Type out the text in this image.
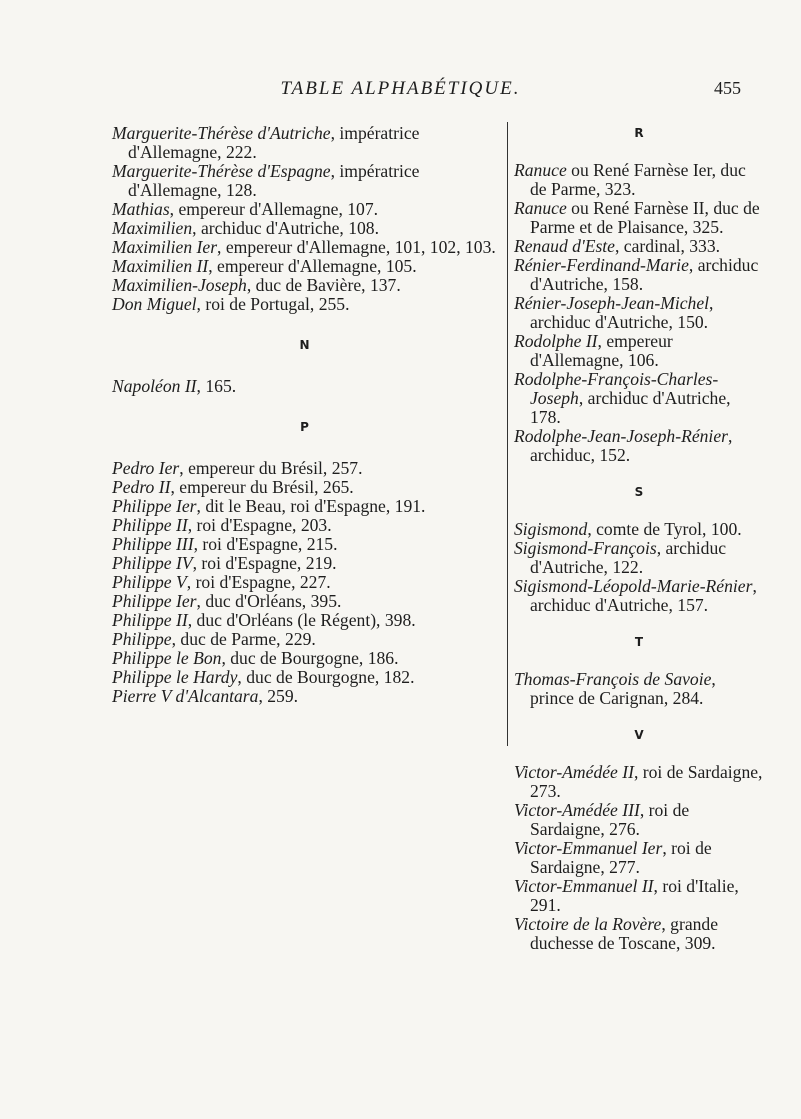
TABLE ALPHABÉTIQUE.	455
Marguerite-Thérèse d'Autriche, impératrice d'Allemagne, 222.
Marguerite-Thérèse d'Espagne, impératrice d'Allemagne, 128.
Mathias, empereur d'Allemagne, 107.
Maximilien, archiduc d'Autriche, 108.
Maximilien Ier, empereur d'Allemagne, 101, 102, 103.
Maximilien II, empereur d'Allemagne, 105.
Maximilien-Joseph, duc de Bavière, 137.
Don Miguel, roi de Portugal, 255.
N
Napoléon II, 165.
P
Pedro Ier, empereur du Brésil, 257.
Pedro II, empereur du Brésil, 265.
Philippe Ier, dit le Beau, roi d'Espagne, 191.
Philippe II, roi d'Espagne, 203.
Philippe III, roi d'Espagne, 215.
Philippe IV, roi d'Espagne, 219.
Philippe V, roi d'Espagne, 227.
Philippe Ier, duc d'Orléans, 395.
Philippe II, duc d'Orléans (le Régent), 398.
Philippe, duc de Parme, 229.
Philippe le Bon, duc de Bourgogne, 186.
Philippe le Hardy, duc de Bourgogne, 182.
Pierre V d'Alcantara, 259.
R
Ranuce ou René Farnèse Ier, duc de Parme, 323.
Ranuce ou René Farnèse II, duc de Parme et de Plaisance, 325.
Renaud d'Este, cardinal, 333.
Rénier-Ferdinand-Marie, archiduc d'Autriche, 158.
Rénier-Joseph-Jean-Michel, archiduc d'Autriche, 150.
Rodolphe II, empereur d'Allemagne, 106.
Rodolphe-François-Charles-Joseph, archiduc d'Autriche, 178.
Rodolphe-Jean-Joseph-Rénier, archiduc, 152.
S
Sigismond, comte de Tyrol, 100.
Sigismond-François, archiduc d'Autriche, 122.
Sigismond-Léopold-Marie-Rénier, archiduc d'Autriche, 157.
T
Thomas-François de Savoie, prince de Carignan, 284.
V
Victor-Amédée II, roi de Sardaigne, 273.
Victor-Amédée III, roi de Sardaigne, 276.
Victor-Emmanuel Ier, roi de Sardaigne, 277.
Victor-Emmanuel II, roi d'Italie, 291.
Victoire de la Rovère, grande duchesse de Toscane, 309.
